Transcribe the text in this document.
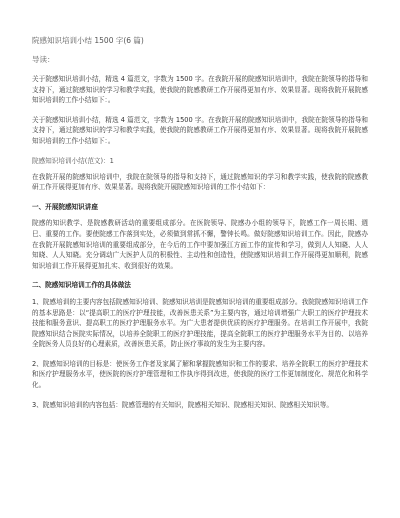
院感知识培训小结 1500 字(6 篇)
导读：
关于院感知识培训小结，精选 4 篇范文，字数为 1500 字。在我院开展的院感知识培训中，我院在院领导的指导和支持下，通过院感知识的学习和教学实践，使我院的院感教研工作开展得更加有序、效果显著。现将我院开展院感知识培训的工作小结如下：。
关于院感知识培训小结，精选 4 篇范文，字数为 1500 字。在我院开展的院感知识培训中，我院在院领导的指导和支持下，通过院感知识的学习和教学实践，使我院的院感教研工作开展得更加有序、效果显著。现将我院开展院感知识培训的工作小结如下：。
院感知识培训小结(范文)：1
在我院开展的院感知识培训中，我院在院领导的指导和支持下，通过院感知识的学习和教学实践，使我院的院感教研工作开展得更加有序、效果显著。现将我院开展院感知识培训的工作小结如下：
一、开展院感知识讲座
院感的知识教学、是院感教研活动的重要组成部分。在医院领导、院感办小组的领导下，院感工作一周长期、週巳、重要的工作。要使院感工作落到实处，必须做到常抓不懈，警钟长鸣。做好院感知识培训工作。因此，院感办在我院开展院感知识培训的重要组成部分，在今后的工作中要加强江方面工作的宣传和学习，做到人人知晓、人人知晓、人人知晓。充分调动广大医护人员的积极性、主动性和创造性，使院感知识培训工作开展得更加顺利，院感知识培训工作开展得更加扎实、收到很好的效果。
二、院感知识培训工作的具体做法
1、院感培训的主要内容包括院感知识培训、院感知识培训是院感知识培训的重要组成部分。我院院感知识培训工作的基本思路是：以“提高职工的医疗护理技能，改善医患关系”为主要内容，通过培训增强广大职工的医疗护理技术技能和服务意识、提高职工的医疗护理服务水平。为广大患者提供优质的医疗护理服务。在培训工作开展中，我院院感知识结合医院实际情况，以培养全院职工的医疗护理技能，提高全院职工的医疗护理服务水平为目的、以培养全院医务人员良好的心理素质，改善医患关系，防止医疗事故的发生为主要内容。
2、院感知识培训的目标是：使医务工作者及家属了解和掌握院感知识和工作的要求、培养全院职工的医疗护理技术和医疗护理服务水平，使医院的医疗护理管理和工作执序得到改进，使我院的医疗工作更加制度化、规范化和科学化。
3、院感知识培训的内容包括：院感管理的有关知识，院感相关知识、院感相关知识、院感相关知识等。
